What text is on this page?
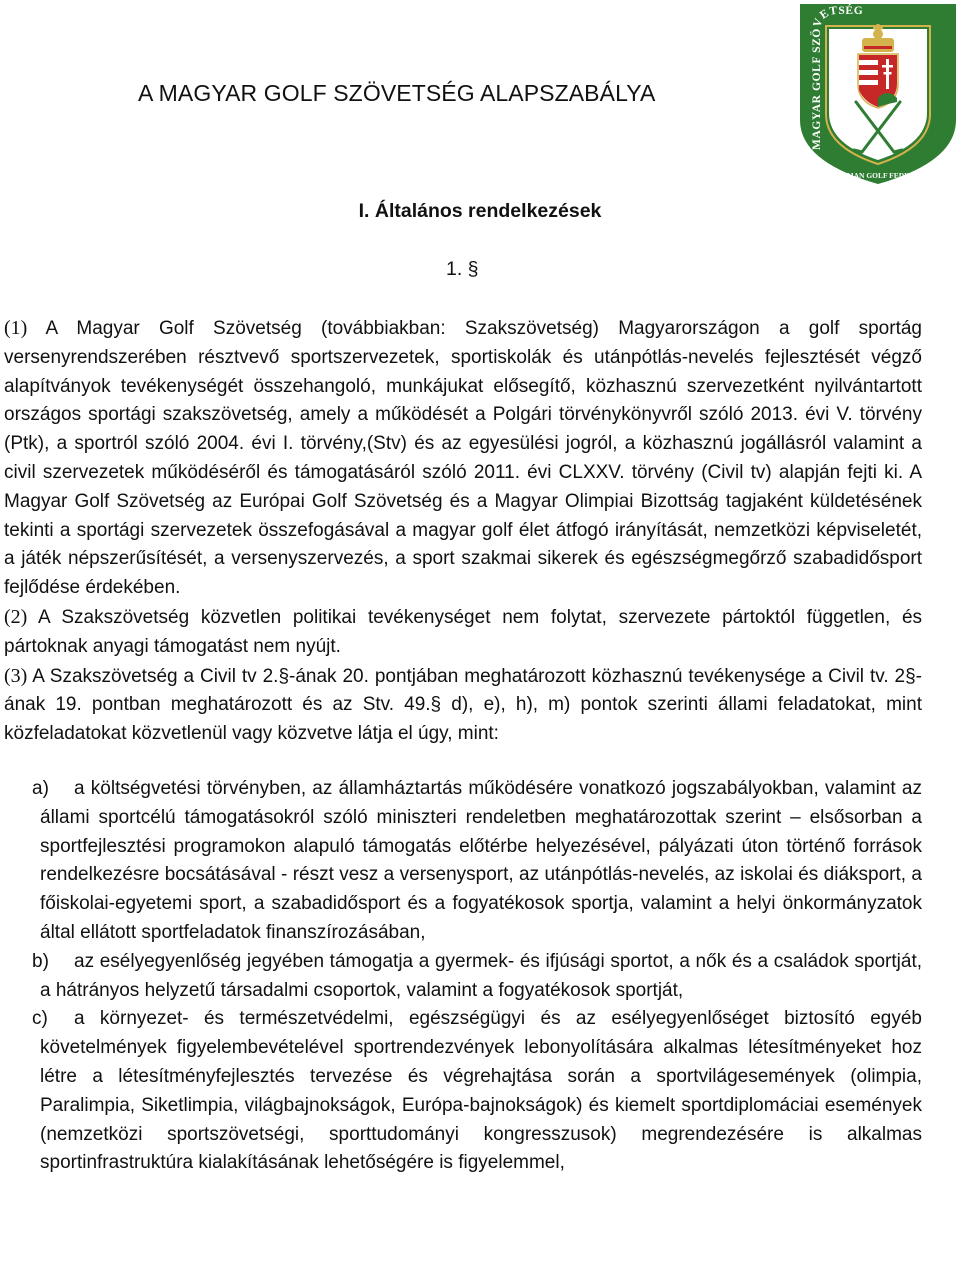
A MAGYAR GOLF SZÖVETSÉG ALAPSZABÁLYA
MAGYAR GOLF SZÖVETSÉG
HUNGARIAN GOLF FEDERATION
I. Általános rendelkezések
1. §

(1) A Magyar Golf Szövetség (továbbiakban: Szakszövetség) Magyarországon a golf sportág versenyrendszerében résztvevő sportszervezetek, sportiskolák és utánpótlás-nevelés fejlesztését végző alapítványok tevékenységét összehangoló, munkájukat elősegítő, közhasznú szervezetként nyilvántartott országos sportági szakszövetség, amely a működését a Polgári törvénykönyvről szóló 2013. évi V. törvény (Ptk), a sportról szóló 2004. évi I. törvény,(Stv) és az egyesülési jogról, a közhasznú jogállásról valamint a civil szervezetek működéséről és támogatásáról szóló 2011. évi CLXXV. törvény (Civil tv) alapján fejti ki. A Magyar Golf Szövetség az Európai Golf Szövetség és a Magyar Olimpiai Bizottság tagjaként küldetésének tekinti a sportági szervezetek összefogásával a magyar golf élet átfogó irányítását, nemzetközi képviseletét, a játék népszerűsítését, a versenyszervezés, a sport szakmai sikerek és egészségmegőrző szabadidősport fejlődése érdekében.

(2) A Szakszövetség közvetlen politikai tevékenységet nem folytat, szervezete pártoktól független, és pártoknak anyagi támogatást nem nyújt.

(3) A Szakszövetség a Civil tv 2.§-ának 20. pontjában meghatározott közhasznú tevékenysége a Civil tv. 2§-ának 19. pontban meghatározott és az Stv. 49.§ d), e), h), m) pontok szerinti állami feladatokat, mint közfeladatokat közvetlenül vagy közvetve látja el úgy, mint:

a)	a költségvetési törvényben, az államháztartás működésére vonatkozó jogszabályokban, valamint az állami sportcélú támogatásokról szóló miniszteri rendeletben meghatározottak szerint – elsősorban a sportfejlesztési programokon alapuló támogatás előtérbe helyezésével, pályázati úton történő források rendelkezésre bocsátásával - részt vesz a versenysport, az utánpótlás-nevelés, az iskolai és diáksport, a főiskolai-egyetemi sport, a szabadidősport és a fogyatékosok sportja, valamint a helyi önkormányzatok által ellátott sportfeladatok finanszírozásában,
b)	az esélyegyenlőség jegyében támogatja a gyermek- és ifjúsági sportot, a nők és a családok sportját, a hátrányos helyzetű társadalmi csoportok, valamint a fogyatékosok sportját,
c)	a környezet- és természetvédelmi, egészségügyi és az esélyegyenlőséget biztosító egyéb követelmények figyelembevételével sportrendezvények lebonyolítására alkalmas létesítményeket hoz létre a létesítményfejlesztés tervezése és végrehajtása során a sportvilágesemények (olimpia, Paralimpia, Siketlimpia, világbajnokságok, Európa-bajnokságok) és kiemelt sportdiplomáciai események (nemzetközi sportszövetségi, sporttudományi kongresszusok) megrendezésére is alkalmas sportinfrastruktúra kialakításának lehetőségére is figyelemmel,
